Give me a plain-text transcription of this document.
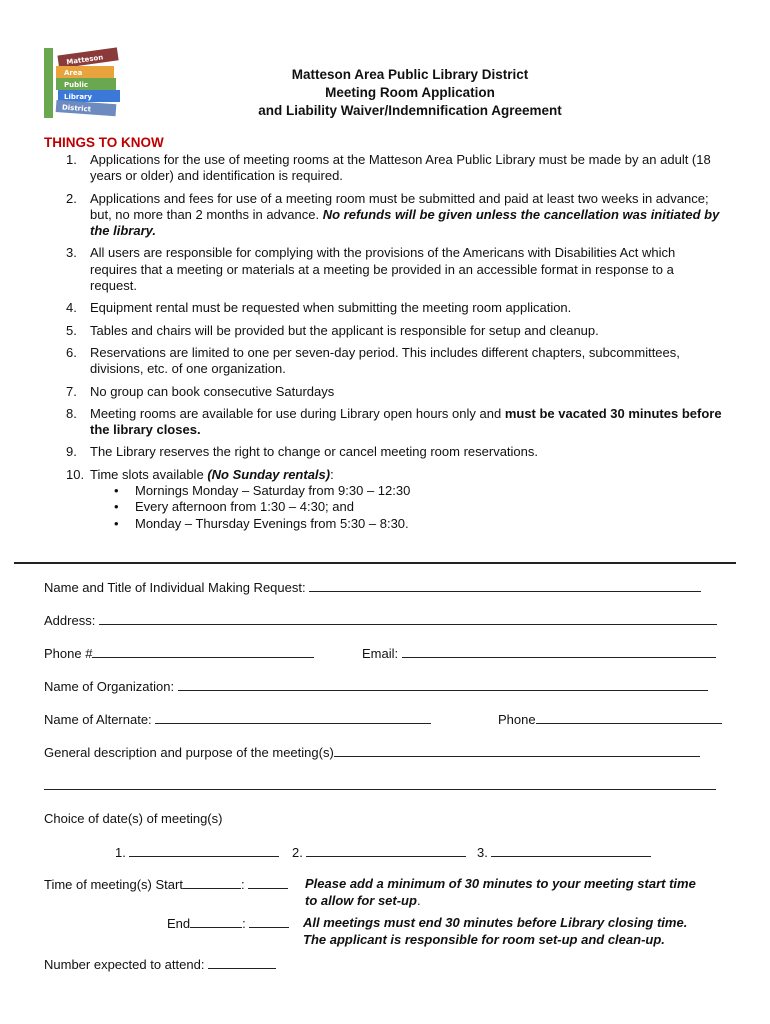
Matteson
Area
Public
Library
District
Matteson Area Public Library District
Meeting Room Application
and Liability Waiver/Indemnification Agreement
THINGS TO KNOW
1.	Applications for the use of meeting rooms at the Matteson Area Public Library must be made by an adult (18 years or older) and identification is required.
2.	Applications and fees for use of a meeting room must be submitted and paid at least two weeks in advance; but, no more than 2 months in advance. No refunds will be given unless the cancellation was initiated by the library.
3.	All users are responsible for complying with the provisions of the Americans with Disabilities Act which requires that a meeting or materials at a meeting be provided in an accessible format in response to a request.
4.	Equipment rental must be requested when submitting the meeting room application.
5.	Tables and chairs will be provided but the applicant is responsible for setup and cleanup.
6.	Reservations are limited to one per seven-day period. This includes different chapters, subcommittees, divisions, etc. of one organization.
7.	No group can book consecutive Saturdays
8.	Meeting rooms are available for use during Library open hours only and must be vacated 30 minutes before the library closes.
9.	The Library reserves the right to change or cancel meeting room reservations.
10. Time slots available (No Sunday rentals):
• Mornings Monday – Saturday from 9:30 – 12:30
• Every afternoon from 1:30 – 4:30; and
• Monday – Thursday Evenings from 5:30 – 8:30.
Name and Title of Individual Making Request:
Address:
Phone #	Email:
Name of Organization:
Name of Alternate:	Phone
General description and purpose of the meeting(s)
Choice of date(s) of meeting(s)
1.	2.	3.
Time of meeting(s) Start	:	Please add a minimum of 30 minutes to your meeting start time
to allow for set-up.
End	:	All meetings must end 30 minutes before Library closing time.
The applicant is responsible for room set-up and clean-up.
Number expected to attend:
